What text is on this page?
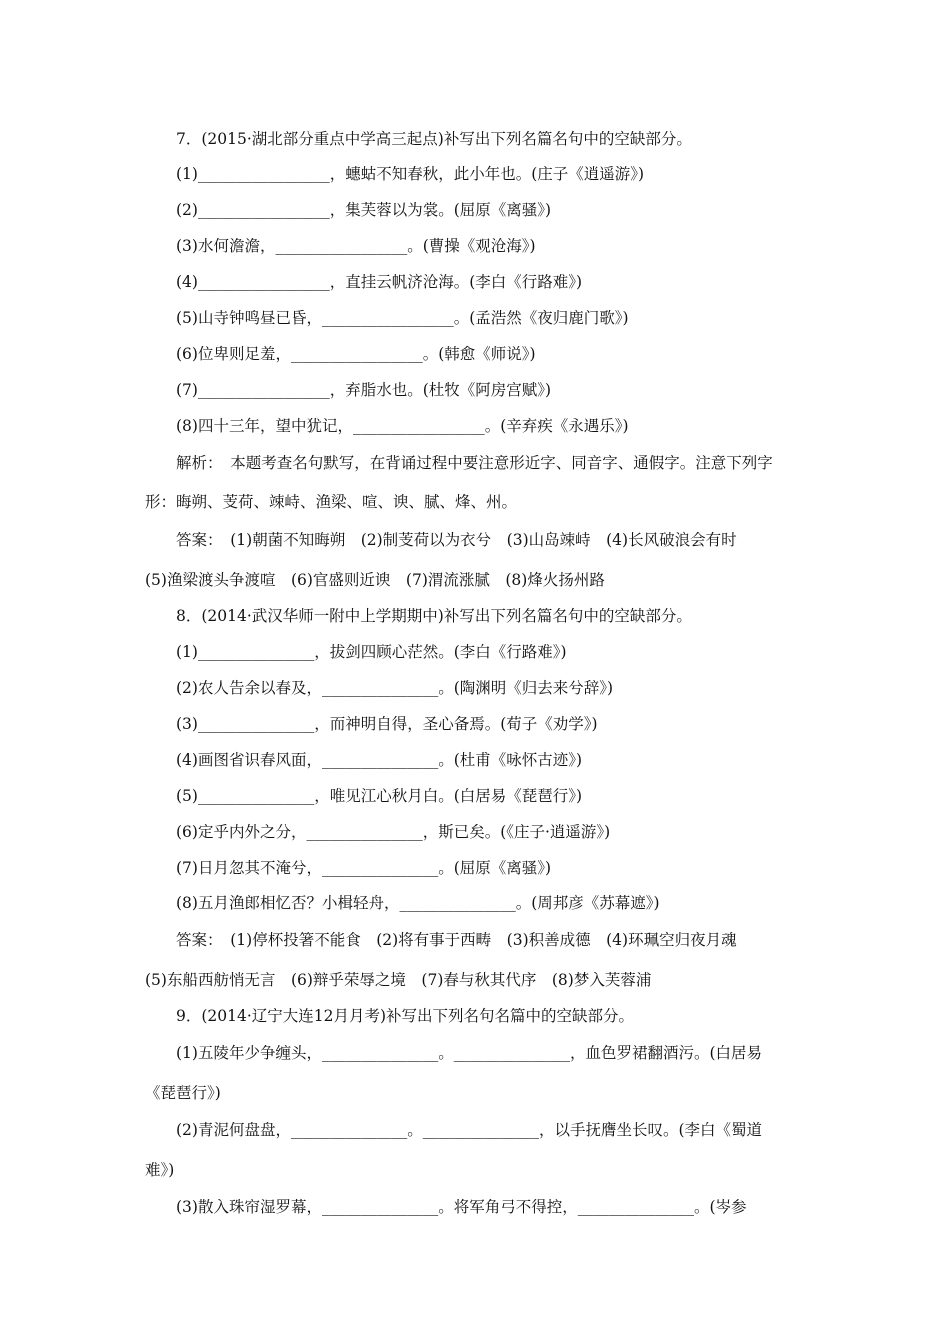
7．(2015·湖北部分重点中学高三起点)补写出下列名篇名句中的空缺部分。
(1)_________________，蟪蛄不知春秋，此小年也。(庄子《逍遥游》)
(2)_________________，集芙蓉以为裳。(屈原《离骚》)
(3)水何澹澹，_________________。(曹操《观沧海》)
(4)_________________，直挂云帆济沧海。(李白《行路难》)
(5)山寺钟鸣昼已昏，_________________。(孟浩然《夜归鹿门歌》)
(6)位卑则足羞，_________________。(韩愈《师说》)
(7)_________________，弃脂水也。(杜牧《阿房宫赋》)
(8)四十三年，望中犹记，_________________。(辛弃疾《永遇乐》)
解析：　本题考查名句默写，在背诵过程中要注意形近字、同音字、通假字。注意下列字
形：晦朔、芰荷、竦峙、渔梁、喧、谀、腻、烽、州。
答案：　(1)朝菌不知晦朔　(2)制芰荷以为衣兮　(3)山岛竦峙　(4)长风破浪会有时
(5)渔梁渡头争渡喧　(6)官盛则近谀　(7)渭流涨腻　(8)烽火扬州路
8．(2014·武汉华师一附中上学期期中)补写出下列名篇名句中的空缺部分。
(1)_______________，拔剑四顾心茫然。(李白《行路难》)
(2)农人告余以春及，_______________。(陶渊明《归去来兮辞》)
(3)_______________，而神明自得，圣心备焉。(荀子《劝学》)
(4)画图省识春风面，_______________。(杜甫《咏怀古迹》)
(5)_______________，唯见江心秋月白。(白居易《琵琶行》)
(6)定乎内外之分，_______________，斯已矣。(《庄子·逍遥游》)
(7)日月忽其不淹兮，_______________。(屈原《离骚》)
(8)五月渔郎相忆否？小楫轻舟，_______________。(周邦彦《苏幕遮》)
答案：　(1)停杯投箸不能食　(2)将有事于西畴　(3)积善成德　(4)环珮空归夜月魂
(5)东船西舫悄无言　(6)辩乎荣辱之境　(7)春与秋其代序　(8)梦入芙蓉浦
9．(2014·辽宁大连12月月考)补写出下列名句名篇中的空缺部分。
(1)五陵年少争缠头，_______________。_______________，血色罗裙翻酒污。(白居易
《琵琶行》)
(2)青泥何盘盘，_______________。_______________，以手抚膺坐长叹。(李白《蜀道
难》)
(3)散入珠帘湿罗幕，_______________。将军角弓不得控，_______________。(岑参
